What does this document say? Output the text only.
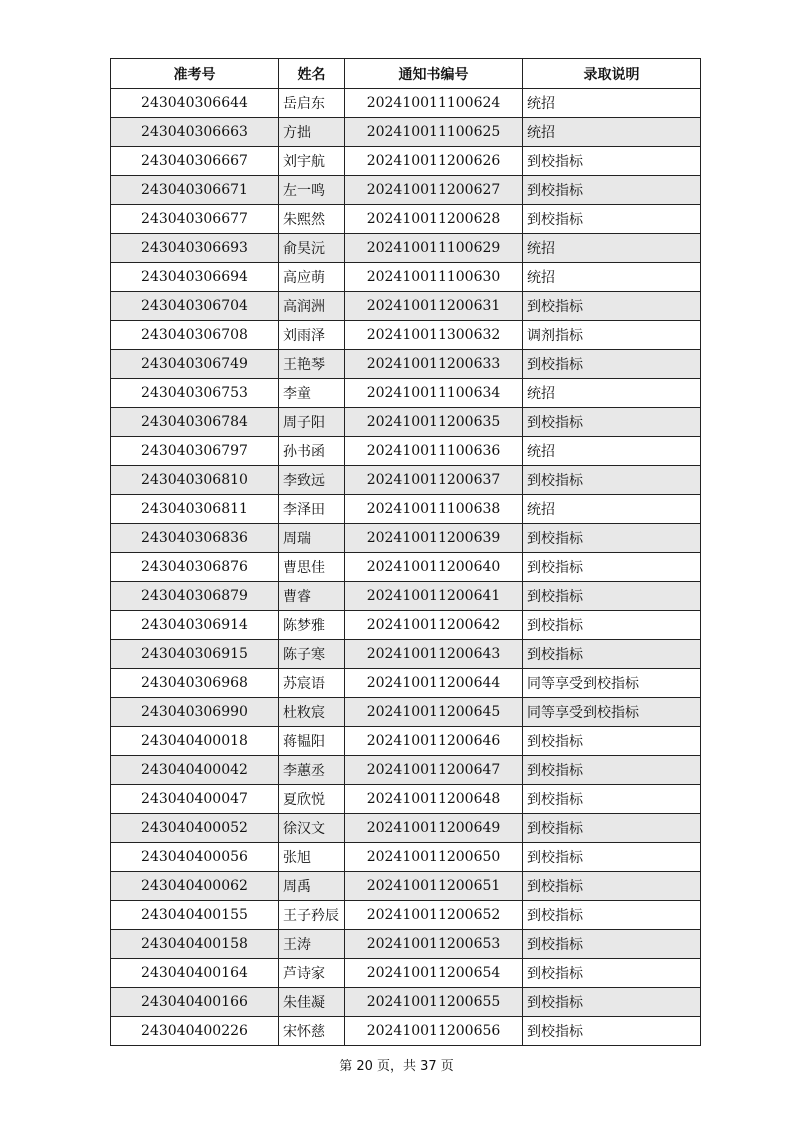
准考号	姓名	通知书编号	录取说明
243040306644	岳启东	202410011100624	统招
243040306663	方拙	202410011100625	统招
243040306667	刘宇航	202410011200626	到校指标
243040306671	左一鸣	202410011200627	到校指标
243040306677	朱熙然	202410011200628	到校指标
243040306693	俞昊沅	202410011100629	统招
243040306694	高应萌	202410011100630	统招
243040306704	高润洲	202410011200631	到校指标
243040306708	刘雨泽	202410011300632	调剂指标
243040306749	王艳琴	202410011200633	到校指标
243040306753	李童	202410011100634	统招
243040306784	周子阳	202410011200635	到校指标
243040306797	孙书函	202410011100636	统招
243040306810	李致远	202410011200637	到校指标
243040306811	李泽田	202410011100638	统招
243040306836	周瑞	202410011200639	到校指标
243040306876	曹思佳	202410011200640	到校指标
243040306879	曹睿	202410011200641	到校指标
243040306914	陈梦雅	202410011200642	到校指标
243040306915	陈子寒	202410011200643	到校指标
243040306968	苏宸语	202410011200644	同等享受到校指标
243040306990	杜敉宸	202410011200645	同等享受到校指标
243040400018	蒋韫阳	202410011200646	到校指标
243040400042	李蕙丞	202410011200647	到校指标
243040400047	夏欣悦	202410011200648	到校指标
243040400052	徐汉文	202410011200649	到校指标
243040400056	张旭	202410011200650	到校指标
243040400062	周禹	202410011200651	到校指标
243040400155	王子矜辰	202410011200652	到校指标
243040400158	王涛	202410011200653	到校指标
243040400164	芦诗家	202410011200654	到校指标
243040400166	朱佳凝	202410011200655	到校指标
243040400226	宋怀慈	202410011200656	到校指标
第 20 页，共 37 页
